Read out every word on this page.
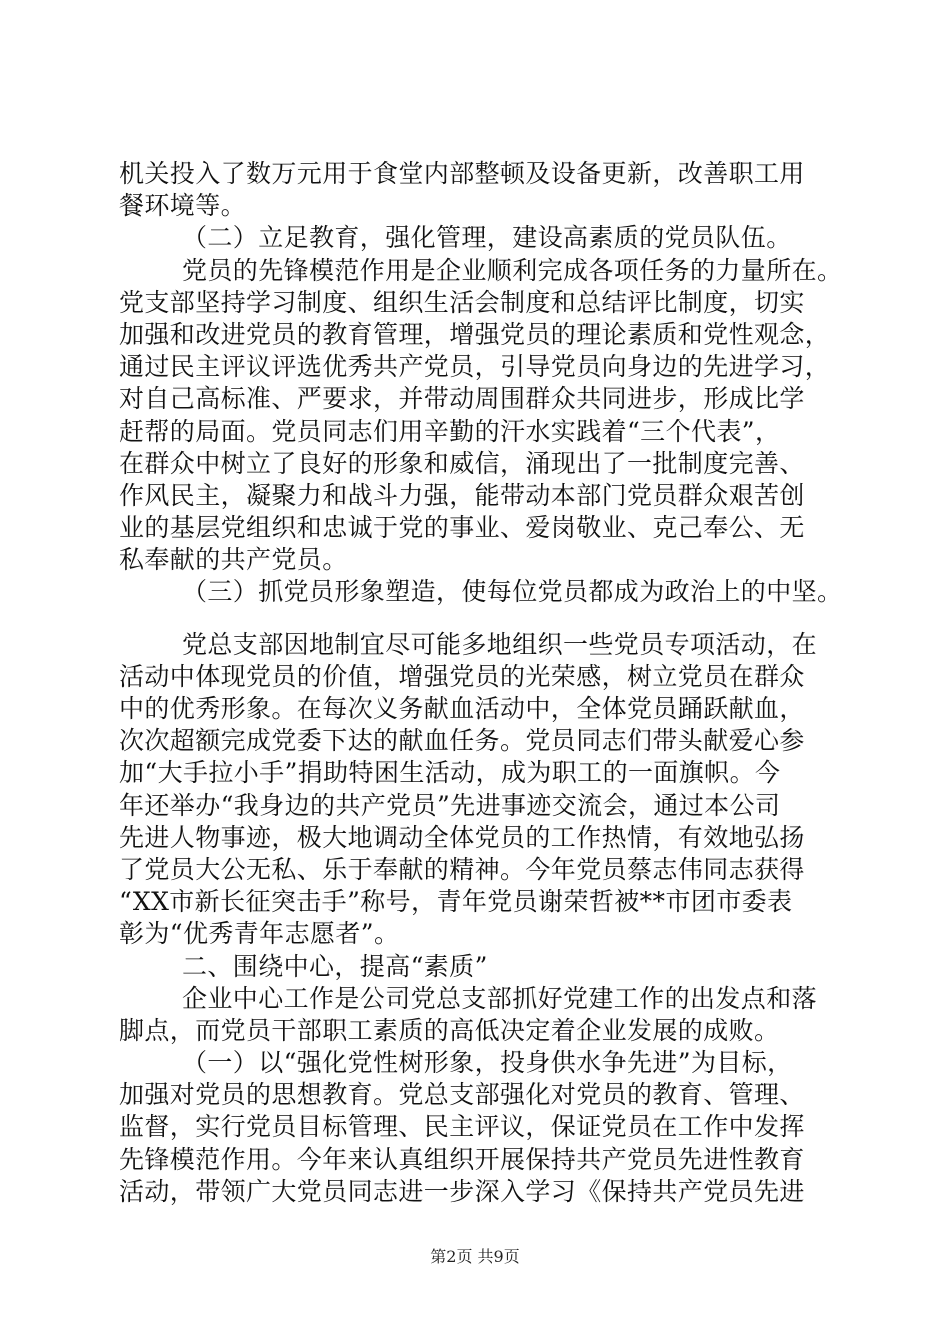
机关投入了数万元用于食堂内部整顿及设备更新，改善职工用
餐环境等。
（二）立足教育，强化管理，建设高素质的党员队伍。
党员的先锋模范作用是企业顺利完成各项任务的力量所在。
党支部坚持学习制度、组织生活会制度和总结评比制度，切实
加强和改进党员的教育管理，增强党员的理论素质和党性观念，
通过民主评议评选优秀共产党员，引导党员向身边的先进学习，
对自己高标准、严要求，并带动周围群众共同进步，形成比学
赶帮的局面。党员同志们用辛勤的汗水实践着“三个代表”，
在群众中树立了良好的形象和威信，涌现出了一批制度完善、
作风民主，凝聚力和战斗力强，能带动本部门党员群众艰苦创
业的基层党组织和忠诚于党的事业、爱岗敬业、克己奉公、无
私奉献的共产党员。
（三）抓党员形象塑造，使每位党员都成为政治上的中坚。
党总支部因地制宜尽可能多地组织一些党员专项活动，在
活动中体现党员的价值，增强党员的光荣感，树立党员在群众
中的优秀形象。在每次义务献血活动中，全体党员踊跃献血，
次次超额完成党委下达的献血任务。党员同志们带头献爱心参
加“大手拉小手”捐助特困生活动，成为职工的一面旗帜。今
年还举办“我身边的共产党员”先进事迹交流会，通过本公司
先进人物事迹，极大地调动全体党员的工作热情，有效地弘扬
了党员大公无私、乐于奉献的精神。今年党员蔡志伟同志获得
“XX市新长征突击手”称号，青年党员谢荣哲被**市团市委表
彰为“优秀青年志愿者”。
二、围绕中心，提高“素质”
企业中心工作是公司党总支部抓好党建工作的出发点和落
脚点，而党员干部职工素质的高低决定着企业发展的成败。
（一）以“强化党性树形象，投身供水争先进”为目标，
加强对党员的思想教育。党总支部强化对党员的教育、管理、
监督，实行党员目标管理、民主评议，保证党员在工作中发挥
先锋模范作用。今年来认真组织开展保持共产党员先进性教育
活动，带领广大党员同志进一步深入学习《保持共产党员先进
第2页 共9页
